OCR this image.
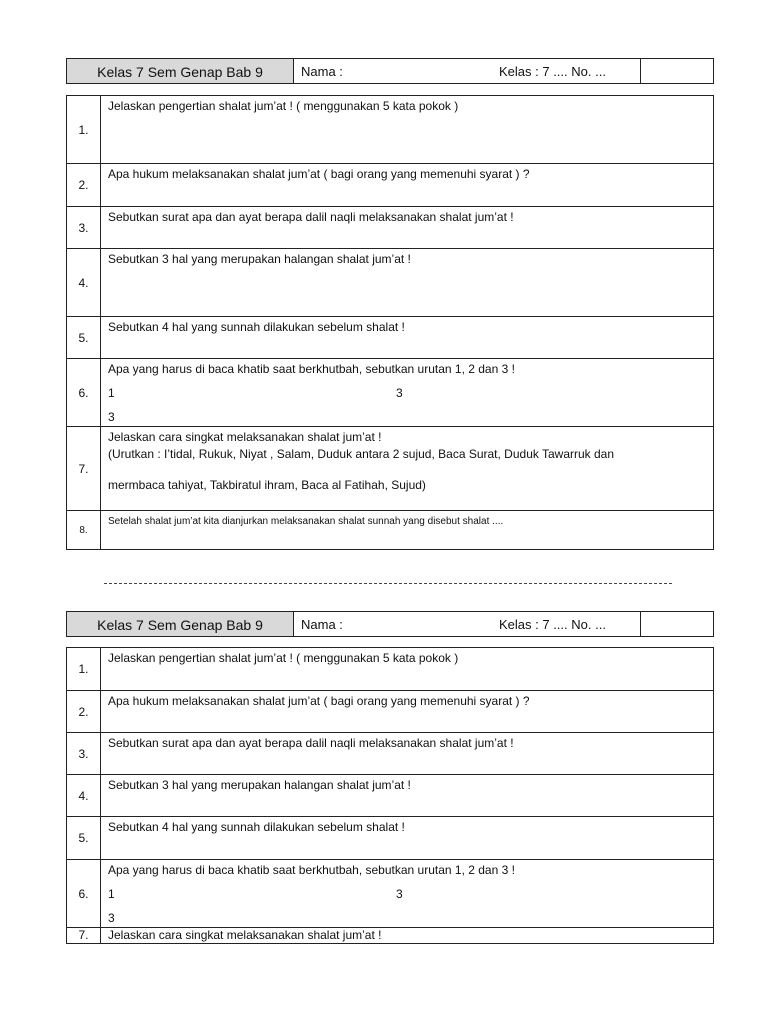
Kelas 7 Sem Genap Bab 9	Nama :	Kelas : 7 .... No. ...
1.	Jelaskan pengertian shalat jum’at ! ( menggunakan 5 kata pokok )
2.	Apa hukum melaksanakan shalat jum’at ( bagi orang yang memenuhi syarat ) ?
3.	Sebutkan surat apa dan ayat berapa dalil naqli melaksanakan shalat jum’at !
4.	Sebutkan 3 hal yang merupakan halangan shalat jum’at !
5.	Sebutkan 4 hal yang sunnah dilakukan sebelum shalat !
6.	Apa yang harus di baca khatib saat berkhutbah, sebutkan urutan 1, 2 dan 3 !
1 3
3

7.	Jelaskan cara singkat melaksanakan shalat jum’at !
(Urutkan : I’tidal, Rukuk, Niyat , Salam, Duduk antara 2 sujud, Baca Surat, Duduk Tawarruk dan
mermbaca tahiyat, Takbiratul ihram, Baca al Fatihah, Sujud)

8.	Setelah shalat jum’at kita dianjurkan melaksanakan shalat sunnah yang disebut shalat ....
Kelas 7 Sem Genap Bab 9	Nama :	Kelas : 7 .... No. ...
1.	Jelaskan pengertian shalat jum’at ! ( menggunakan 5 kata pokok )
2.	Apa hukum melaksanakan shalat jum’at ( bagi orang yang memenuhi syarat ) ?
3.	Sebutkan surat apa dan ayat berapa dalil naqli melaksanakan shalat jum’at !
4.	Sebutkan 3 hal yang merupakan halangan shalat jum’at !
5.	Sebutkan 4 hal yang sunnah dilakukan sebelum shalat !
6.	Apa yang harus di baca khatib saat berkhutbah, sebutkan urutan 1, 2 dan 3 !
1 3
3

7.	Jelaskan cara singkat melaksanakan shalat jum’at !
